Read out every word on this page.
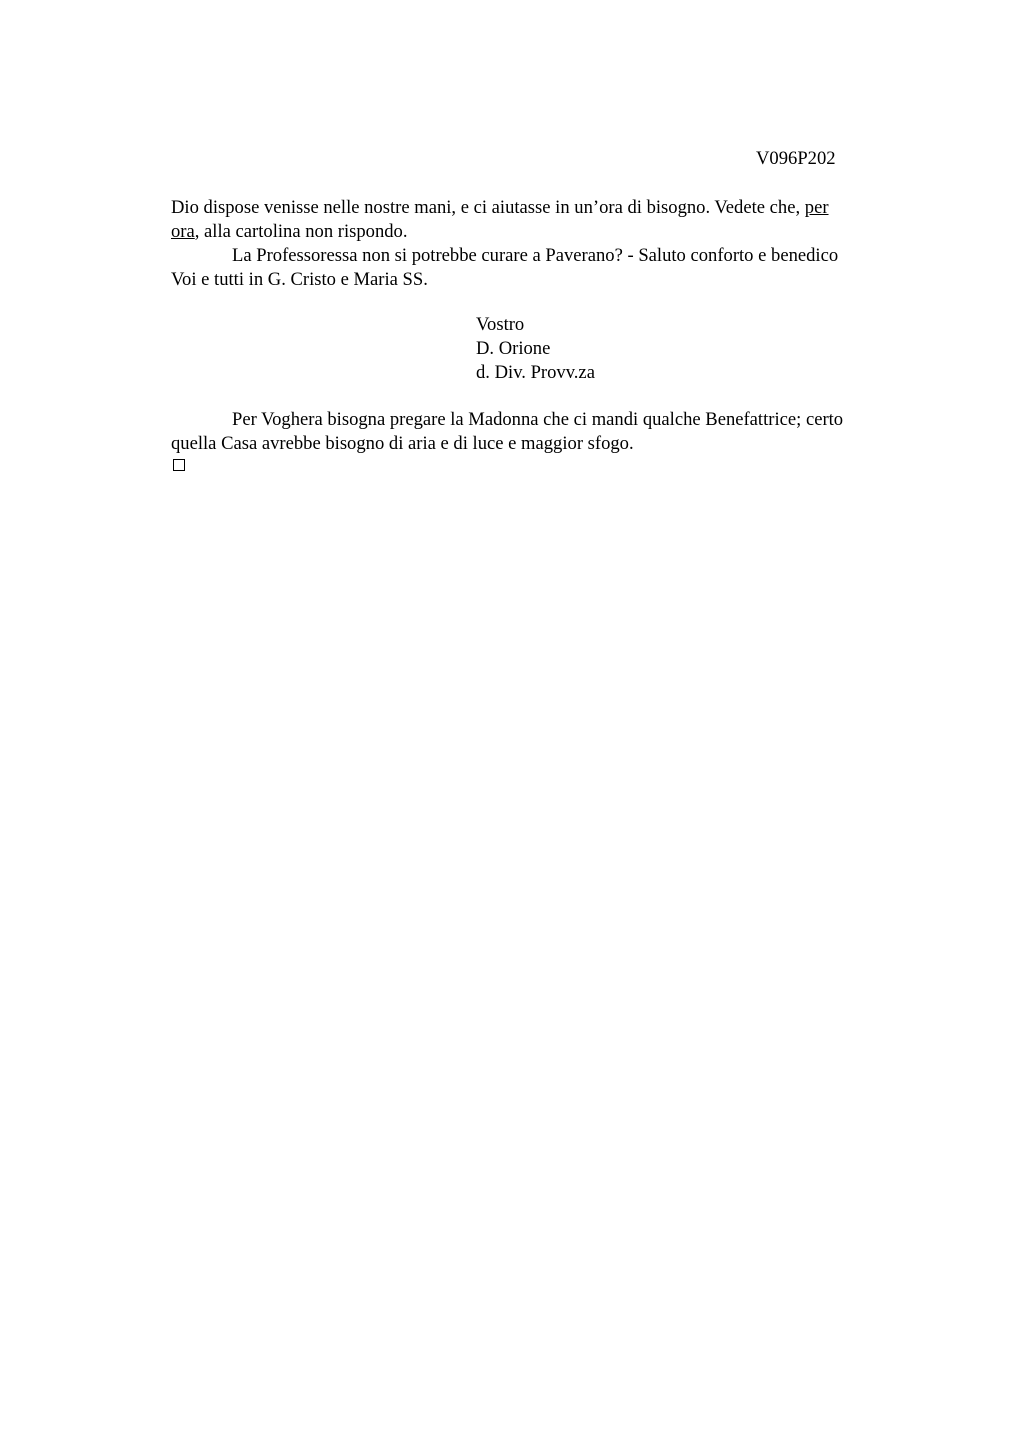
V096P202
Dio dispose venisse nelle nostre mani, e ci aiutasse in un’ora di bisogno. Vedete che, per
ora, alla cartolina non rispondo.
La Professoressa non si potrebbe curare a Paverano? - Saluto conforto e benedico
Voi e tutti in G. Cristo e Maria SS.
Vostro
D. Orione
d. Div. Provv.za
Per Voghera bisogna pregare la Madonna che ci mandi qualche Benefattrice; certo
quella Casa avrebbe bisogno di aria e di luce e maggior sfogo.
